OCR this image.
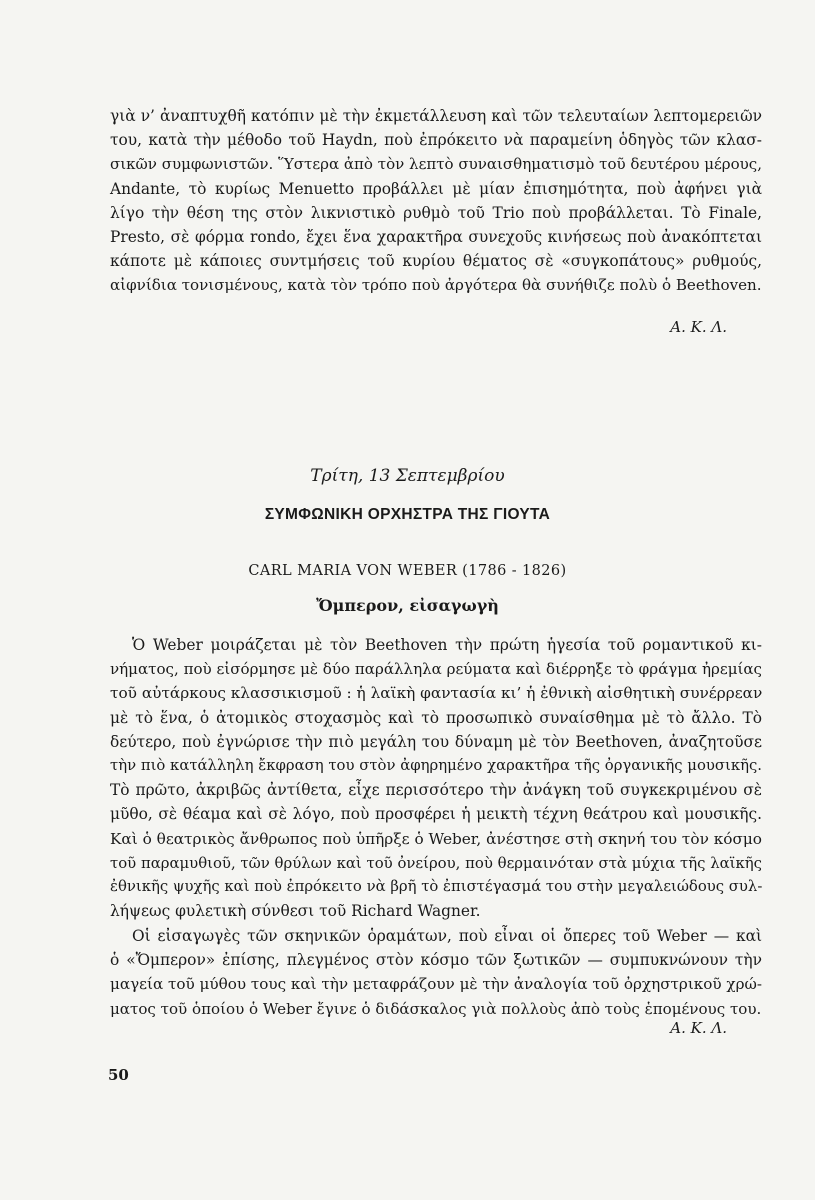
γιὰ ν’ ἀναπτυχθῆ κατόπιν μὲ τὴν ἐκμετάλλευση καὶ τῶν τελευταίων λεπτομερειῶν
του, κατὰ τὴν μέθοδο τοῦ Haydn, ποὺ ἐπρόκειτο νὰ παραμείνη ὁδηγὸς τῶν κλασ-
σικῶν συμφωνιστῶν. Ὕστερα ἀπὸ τὸν λεπτὸ συναισθηματισμὸ τοῦ δευτέρου μέρους,
Andante, τὸ κυρίως Menuetto προβάλλει μὲ μίαν ἐπισημότητα, ποὺ ἀφήνει γιὰ
λίγο τὴν θέση της στὸν λικνιστικὸ ρυθμὸ τοῦ Trio ποὺ προβάλλεται. Τὸ Finale,
Presto, σὲ φόρμα rondo, ἔχει ἕνα χαρακτῆρα συνεχοῦς κινήσεως ποὺ ἀνακόπτεται
κάποτε μὲ κάποιες συντμήσεις τοῦ κυρίου θέματος σὲ «συγκοπάτους» ρυθμούς,
αἰφνίδια τονισμένους, κατὰ τὸν τρόπο ποὺ ἀργότερα θὰ συνήθιζε πολὺ ὁ Beethoven.
Α. Κ. Λ.
Τρίτη, 13 Σεπτεμβρίου
ΣΥΜΦΩΝΙΚΗ ΟΡΧΗΣΤΡΑ ΤΗΣ ΓΙΟΥΤΑ
CARL MARIA VON WEBER (1786 - 1826)
Ὄμπερον, εἰσαγωγὴ
Ὁ Weber μοιράζεται μὲ τὸν Beethoven τὴν πρώτη ἡγεσία τοῦ ρομαντικοῦ κι-
νήματος, ποὺ εἰσόρμησε μὲ δύο παράλληλα ρεύματα καὶ διέρρηξε τὸ φράγμα ἠρεμίας
τοῦ αὐτάρκους κλασσικισμοῦ : ἡ λαϊκὴ φαντασία κι’ ἡ ἐθνικὴ αἰσθητικὴ συνέρρεαν
μὲ τὸ ἕνα, ὁ ἀτομικὸς στοχασμὸς καὶ τὸ προσωπικὸ συναίσθημα μὲ τὸ ἄλλο. Τὸ
δεύτερο, ποὺ ἐγνώρισε τὴν πιὸ μεγάλη του δύναμη μὲ τὸν Beethoven, ἀναζητοῦσε
τὴν πιὸ κατάλληλη ἔκφραση του στὸν ἀφηρημένο χαρακτῆρα τῆς ὀργανικῆς μουσικῆς.
Τὸ πρῶτο, ἀκριβῶς ἀντίθετα, εἶχε περισσότερο τὴν ἀνάγκη τοῦ συγκεκριμένου σὲ
μῦθο, σὲ θέαμα καὶ σὲ λόγο, ποὺ προσφέρει ἡ μεικτὴ τέχνη θεάτρου καὶ μουσικῆς.
Καὶ ὁ θεατρικὸς ἄνθρωπος ποὺ ὑπῆρξε ὁ Weber, ἀνέστησε στὴ σκηνή του τὸν κόσμο
τοῦ παραμυθιοῦ, τῶν θρύλων καὶ τοῦ ὀνείρου, ποὺ θερμαινόταν στὰ μύχια τῆς λαϊκῆς
ἐθνικῆς ψυχῆς καὶ ποὺ ἐπρόκειτο νὰ βρῆ τὸ ἐπιστέγασμά του στὴν μεγαλειώδους συλ-
λήψεως φυλετικὴ σύνθεσι τοῦ Richard Wagner.
Οἱ εἰσαγωγὲς τῶν σκηνικῶν ὁραμάτων, ποὺ εἶναι οἱ ὄπερες τοῦ Weber — καὶ
ὁ «Ὄμπερον» ἐπίσης, πλεγμένος στὸν κόσμο τῶν ξωτικῶν — συμπυκνώνουν τὴν
μαγεία τοῦ μύθου τους καὶ τὴν μεταφράζουν μὲ τὴν ἀναλογία τοῦ ὀρχηστρικοῦ χρώ-
ματος τοῦ ὁποίου ὁ Weber ἔγινε ὁ διδάσκαλος γιὰ πολλοὺς ἀπὸ τοὺς ἑπομένους του.
Α. Κ. Λ.
50
